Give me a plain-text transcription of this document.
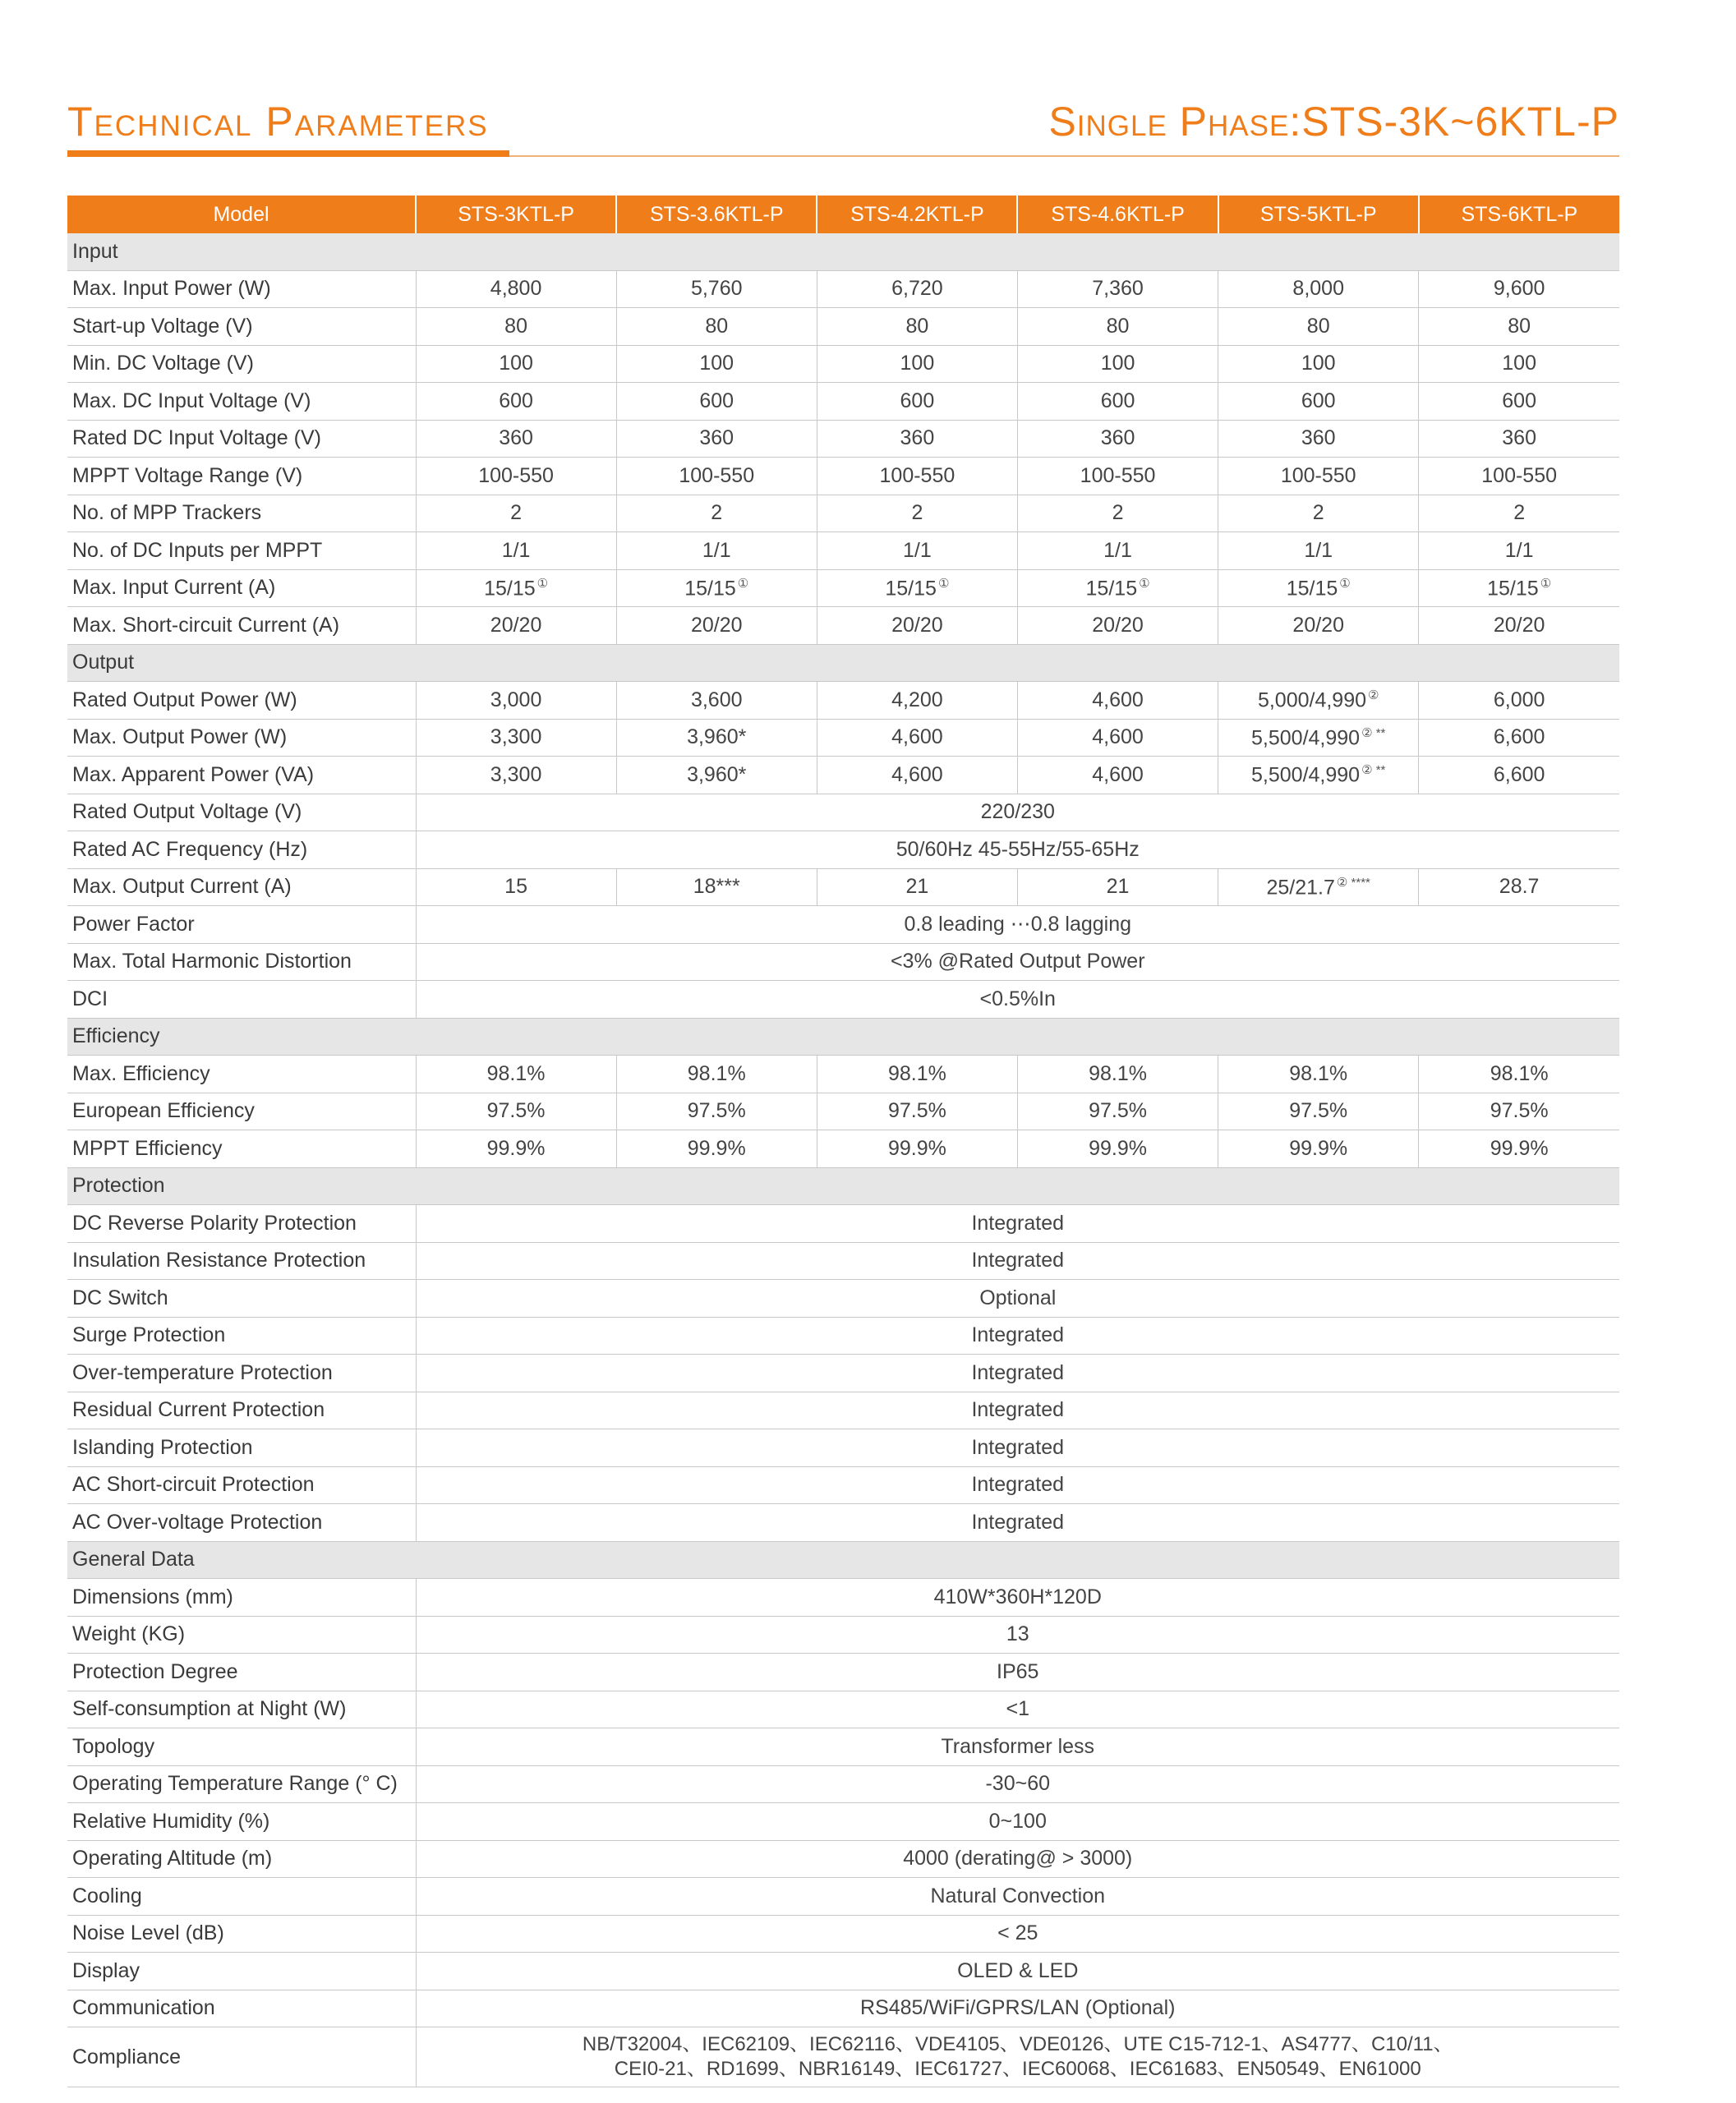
Technical Parameters	Single Phase:STS-3K~6KTL-P
Model	STS-3KTL-P	STS-3.6KTL-P	STS-4.2KTL-P	STS-4.6KTL-P	STS-5KTL-P	STS-6KTL-P
Input						
Max. Input Power (W)	4,800	5,760	6,720	7,360	8,000	9,600
Start-up Voltage (V)	80	80	80	80	80	80
Min. DC Voltage (V)	100	100	100	100	100	100
Max. DC Input Voltage (V)	600	600	600	600	600	600
Rated DC Input Voltage (V)	360	360	360	360	360	360
MPPT Voltage Range (V)	100-550	100-550	100-550	100-550	100-550	100-550
No. of MPP Trackers	2	2	2	2	2	2
No. of DC Inputs per MPPT	1/1	1/1	1/1	1/1	1/1	1/1
Max. Input Current (A)	15/15 ①	15/15 ①	15/15 ①	15/15 ①	15/15 ①	15/15 ①
Max. Short-circuit Current (A)	20/20	20/20	20/20	20/20	20/20	20/20
Output						
Rated Output Power (W)	3,000	3,600	4,200	4,600	5,000/4,990 ②	6,000
Max. Output Power (W)	3,300	3,960*	4,600	4,600	5,500/4,990 ② **	6,600
Max. Apparent Power (VA)	3,300	3,960*	4,600	4,600	5,500/4,990 ② **	6,600
Rated Output Voltage (V)	220/230					
Rated AC Frequency (Hz)	50/60Hz 45-55Hz/55-65Hz					
Max. Output Current (A)	15	18***	21	21	25/21.7 ② ****	28.7
Power Factor	0.8 leading ⋯0.8 lagging					
Max. Total Harmonic Distortion	<3% @Rated Output Power					
DCI	<0.5%In					
Efficiency						
Max. Efficiency	98.1%	98.1%	98.1%	98.1%	98.1%	98.1%
European Efficiency	97.5%	97.5%	97.5%	97.5%	97.5%	97.5%
MPPT Efficiency	99.9%	99.9%	99.9%	99.9%	99.9%	99.9%
Protection						
DC Reverse Polarity Protection	Integrated					
Insulation Resistance Protection	Integrated					
DC Switch	Optional					
Surge Protection	Integrated					
Over-temperature Protection	Integrated					
Residual Current Protection	Integrated					
Islanding Protection	Integrated					
AC Short-circuit Protection	Integrated					
AC Over-voltage Protection	Integrated					
General Data						
Dimensions (mm)	410W*360H*120D					
Weight (KG)	13					
Protection Degree	IP65					
Self-consumption at Night (W)	<1					
Topology	Transformer less					
Operating Temperature Range (° C)	-30~60					
Relative Humidity (%)	0~100					
Operating Altitude (m)	4000 (derating@ > 3000)					
Cooling	Natural Convection					
Noise Level (dB)	< 25					
Display	OLED & LED					
Communication	RS485/WiFi/GPRS/LAN (Optional)					
Compliance	NB/T32004、IEC62109、IEC62116、VDE4105、VDE0126、UTE C15-712-1、AS4777、C10/11、
CEI0-21、RD1699、NBR16149、IEC61727、IEC60068、IEC61683、EN50549、EN61000					
